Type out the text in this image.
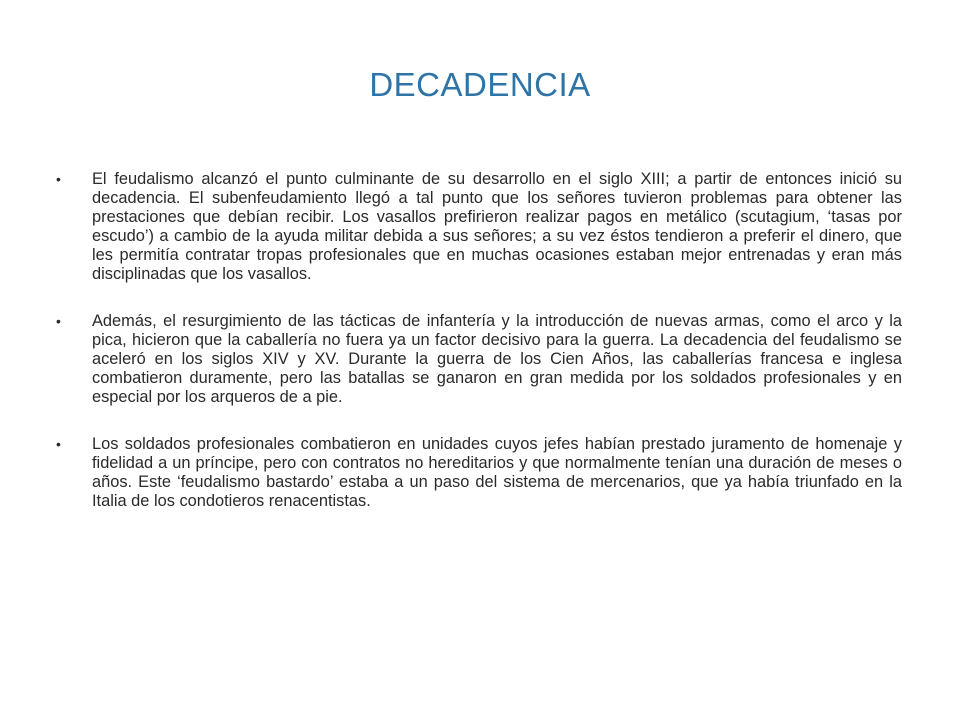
DECADENCIA
•	El feudalismo alcanzó el punto culminante de su desarrollo en el siglo XIII; a partir de entonces inició su decadencia. El subenfeudamiento llegó a tal punto que los señores tuvieron problemas para obtener las prestaciones que debían recibir. Los vasallos prefirieron realizar pagos en metálico (scutagium, ‘tasas por escudo’) a cambio de la ayuda militar debida a sus señores; a su vez éstos tendieron a preferir el dinero, que les permitía contratar tropas profesionales que en muchas ocasiones estaban mejor entrenadas y eran más disciplinadas que los vasallos.
•	Además, el resurgimiento de las tácticas de infantería y la introducción de nuevas armas, como el arco y la pica, hicieron que la caballería no fuera ya un factor decisivo para la guerra. La decadencia del feudalismo se aceleró en los siglos XIV y XV. Durante la guerra de los Cien Años, las caballerías francesa e inglesa combatieron duramente, pero las batallas se ganaron en gran medida por los soldados profesionales y en especial por los arqueros de a pie.
•	Los soldados profesionales combatieron en unidades cuyos jefes habían prestado juramento de homenaje y fidelidad a un príncipe, pero con contratos no hereditarios y que normalmente tenían una duración de meses o años. Este ‘feudalismo bastardo’ estaba a un paso del sistema de mercenarios, que ya había triunfado en la Italia de los condotieros renacentistas.
